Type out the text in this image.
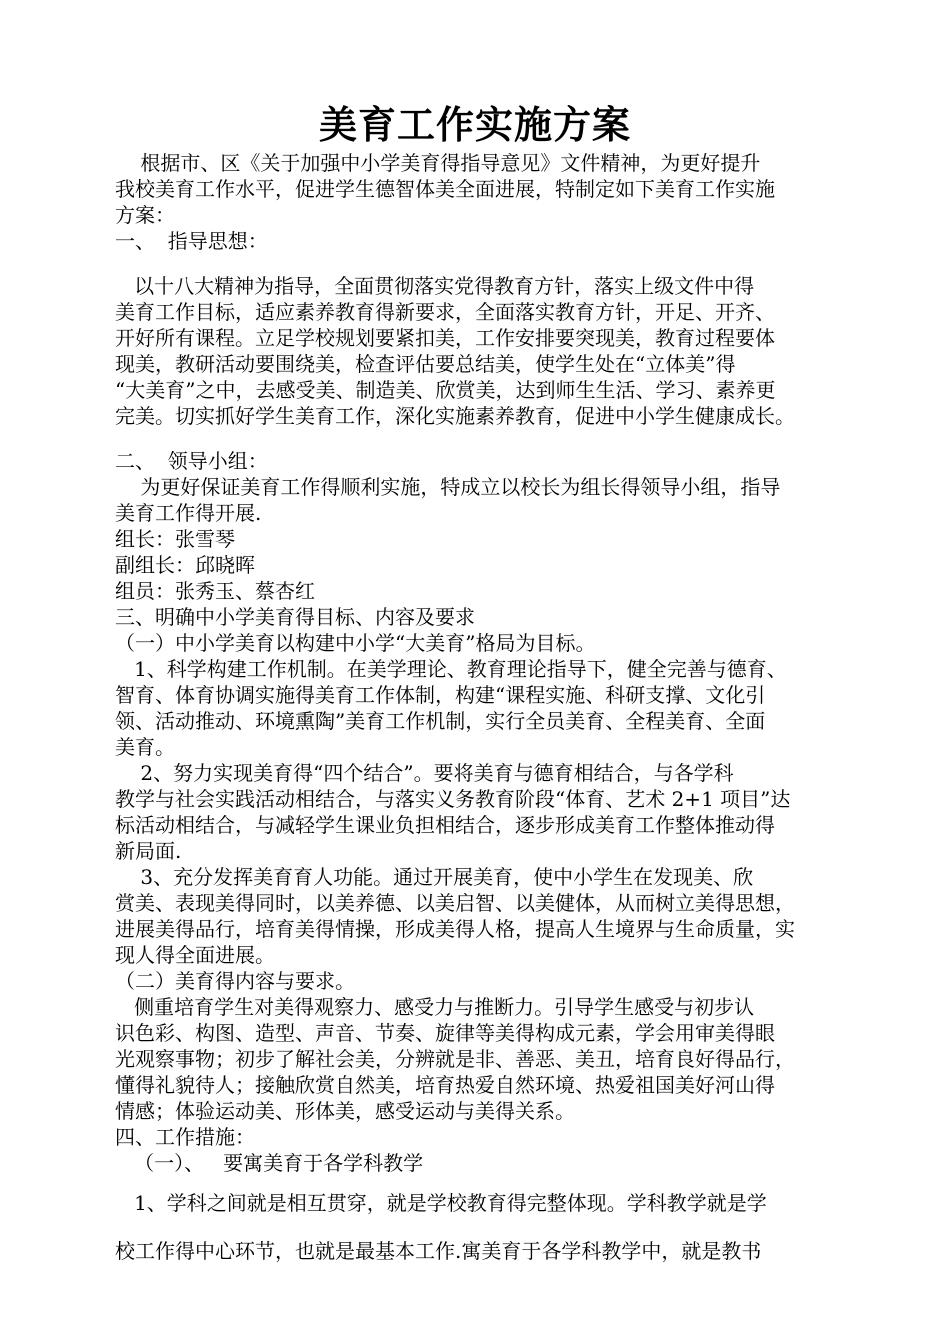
美育工作实施方案
根据市、区《关于加强中小学美育得指导意见》文件精神，为更好提升
我校美育工作水平，促进学生德智体美全面进展，特制定如下美育工作实施
方案：
一、  指导思想：
以十八大精神为指导，全面贯彻落实党得教育方针，落实上级文件中得
美育工作目标，适应素养教育得新要求，全面落实教育方针，开足、开齐、
开好所有课程。立足学校规划要紧扣美，工作安排要突现美，教育过程要体
现美，教研活动要围绕美，检查评估要总结美，使学生处在“立体美”得
“大美育”之中，去感受美、制造美、欣赏美，达到师生生活、学习、素养更
完美。切实抓好学生美育工作，深化实施素养教育，促进中小学生健康成长。
二、  领导小组：
为更好保证美育工作得顺利实施，特成立以校长为组长得领导小组，指导
美育工作得开展.
组长：张雪琴
副组长：邱晓晖
组员：张秀玉、蔡杏红
三、明确中小学美育得目标、内容及要求
（一）中小学美育以构建中小学“大美育”格局为目标。
1、科学构建工作机制。在美学理论、教育理论指导下，健全完善与德育、
智育、体育协调实施得美育工作体制，构建“课程实施、科研支撑、文化引
领、活动推动、环境熏陶”美育工作机制，实行全员美育、全程美育、全面
美育。
2、努力实现美育得“四个结合”。要将美育与德育相结合，与各学科
教学与社会实践活动相结合，与落实义务教育阶段“体育、艺术 2+1 项目”达
标活动相结合，与减轻学生课业负担相结合，逐步形成美育工作整体推动得
新局面.
3、充分发挥美育育人功能。通过开展美育，使中小学生在发现美、欣
赏美、表现美得同时，以美养德、以美启智、以美健体，从而树立美得思想，
进展美得品行，培育美得情操，形成美得人格，提高人生境界与生命质量，实
现人得全面进展。
（二）美育得内容与要求。
侧重培育学生对美得观察力、感受力与推断力。引导学生感受与初步认
识色彩、构图、造型、声音、节奏、旋律等美得构成元素，学会用审美得眼
光观察事物；初步了解社会美，分辨就是非、善恶、美丑，培育良好得品行，
懂得礼貌待人；接触欣赏自然美，培育热爱自然环境、热爱祖国美好河山得
情感；体验运动美、形体美，感受运动与美得关系。
四、工作措施：
（一）、   要寓美育于各学科教学
1、学科之间就是相互贯穿，就是学校教育得完整体现。学科教学就是学
校工作得中心环节，也就是最基本工作.寓美育于各学科教学中，就是教书
